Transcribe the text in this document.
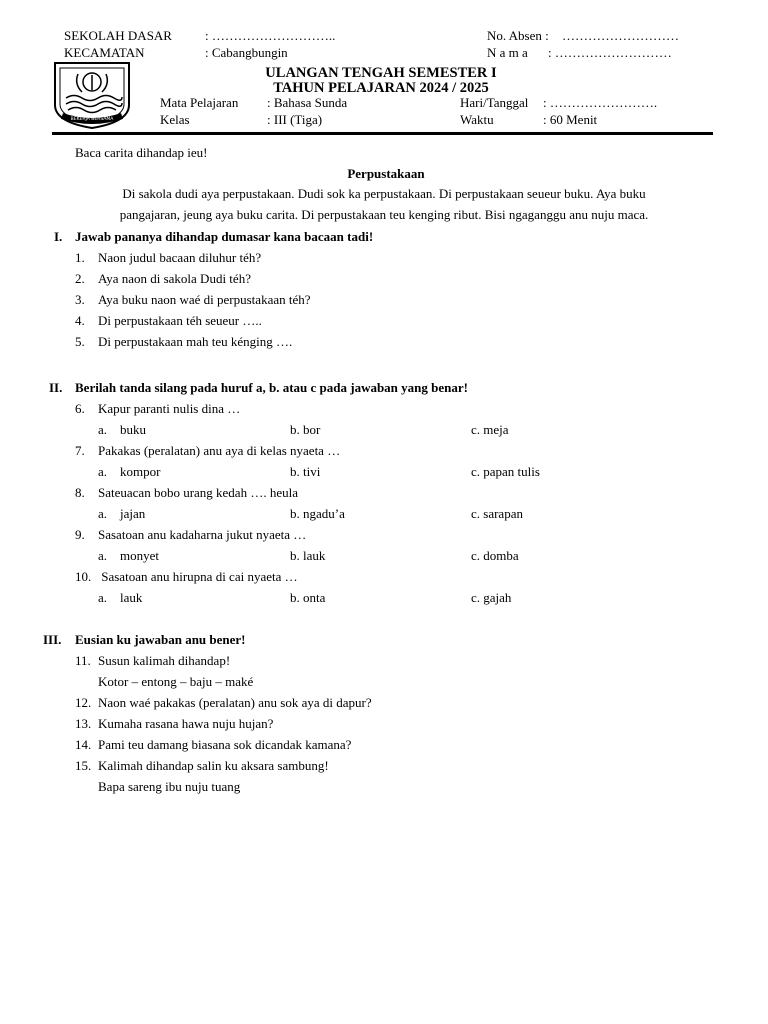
SEKOLAH DASAR	: ………………………..	No. Absen : ………………………
KECAMATAN	: Cabangbungin	N a m a : ………………………
BEKERJA BERSAMA
ULANGAN TENGAH SEMESTER I
TAHUN PELAJARAN 2024 / 2025
Mata Pelajaran : Bahasa Sunda	Hari/Tanggal : …………………….
Kelas	: III (Tiga)	Waktu	: 60 Menit
Baca carita dihandap ieu!
Perpustakaan
Di sakola dudi aya perpustakaan. Dudi sok ka perpustakaan. Di perpustakaan seueur buku. Aya buku
pangajaran, jeung aya buku carita. Di perpustakaan teu kenging ribut. Bisi ngaganggu anu nuju maca.
I. Jawab pananya dihandap dumasar kana bacaan tadi!
1. Naon judul bacaan diluhur téh?
2. Aya naon di sakola Dudi téh?
3. Aya buku naon waé di perpustakaan téh?
4. Di perpustakaan téh seueur …..
5. Di perpustakaan mah teu kénging ….
II. Berilah tanda silang pada huruf a, b. atau c pada jawaban yang benar!
6. Kapur paranti nulis dina …
a. buku	b. bor	c. meja
7. Pakakas (peralatan) anu aya di kelas nyaeta …
a. kompor	b. tivi	c. papan tulis
8. Sateuacan bobo urang kedah …. heula
a. jajan	b. ngadu’a	c. sarapan
9. Sasatoan anu kadaharna jukut nyaeta …
a. monyet	b. lauk	c. domba
10. Sasatoan anu hirupna di cai nyaeta …
a. lauk	b. onta	c. gajah
III. Eusian ku jawaban anu bener!
11. Susun kalimah dihandap!
Kotor – entong – baju – maké
12. Naon waé pakakas (peralatan) anu sok aya di dapur?
13. Kumaha rasana hawa nuju hujan?
14. Pami teu damang biasana sok dicandak kamana?
15. Kalimah dihandap salin ku aksara sambung!
Bapa sareng ibu nuju tuang
